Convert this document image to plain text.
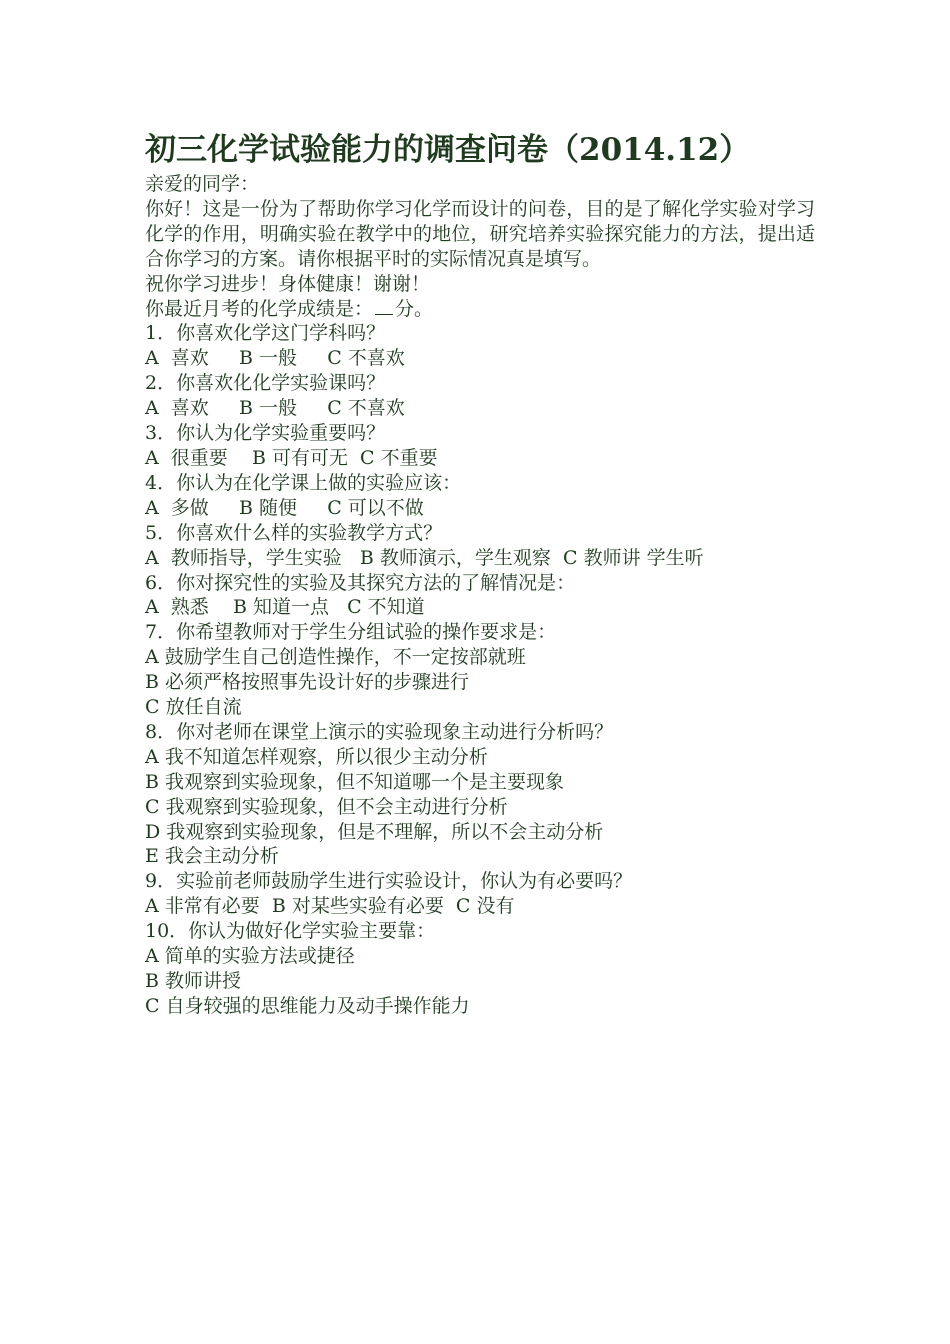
初三化学试验能力的调查问卷（2014.12）

亲爱的同学：

你好！这是一份为了帮助你学习化学而设计的问卷，目的是了解化学实验对学习化学的作用，明确实验在教学中的地位，研究培养实验探究能力的方法，提出适合你学习的方案。请你根据平时的实际情况真是填写。

祝你学习进步！身体健康！谢谢！

你最近月考的化学成绩是： 分。

1．你喜欢化学这门学科吗？

A  喜欢     B 一般     C 不喜欢

2．你喜欢化化学实验课吗？

A  喜欢     B 一般     C 不喜欢

3．你认为化学实验重要吗？

A  很重要    B 可有可无  C 不重要

4．你认为在化学课上做的实验应该：

A  多做     B 随便     C 可以不做

5．你喜欢什么样的实验教学方式？

A  教师指导，学生实验   B 教师演示，学生观察  C 教师讲 学生听

6．你对探究性的实验及其探究方法的了解情况是：

A  熟悉    B 知道一点   C 不知道

7．你希望教师对于学生分组试验的操作要求是：

A 鼓励学生自己创造性操作，不一定按部就班

B 必须严格按照事先设计好的步骤进行

C 放任自流

8．你对老师在课堂上演示的实验现象主动进行分析吗？

A 我不知道怎样观察，所以很少主动分析

B 我观察到实验现象，但不知道哪一个是主要现象

C 我观察到实验现象，但不会主动进行分析

D 我观察到实验现象，但是不理解，所以不会主动分析

E 我会主动分析

9．实验前老师鼓励学生进行实验设计，你认为有必要吗？

A 非常有必要  B 对某些实验有必要  C 没有

10．你认为做好化学实验主要靠：

A 简单的实验方法或捷径

B 教师讲授

C 自身较强的思维能力及动手操作能力
